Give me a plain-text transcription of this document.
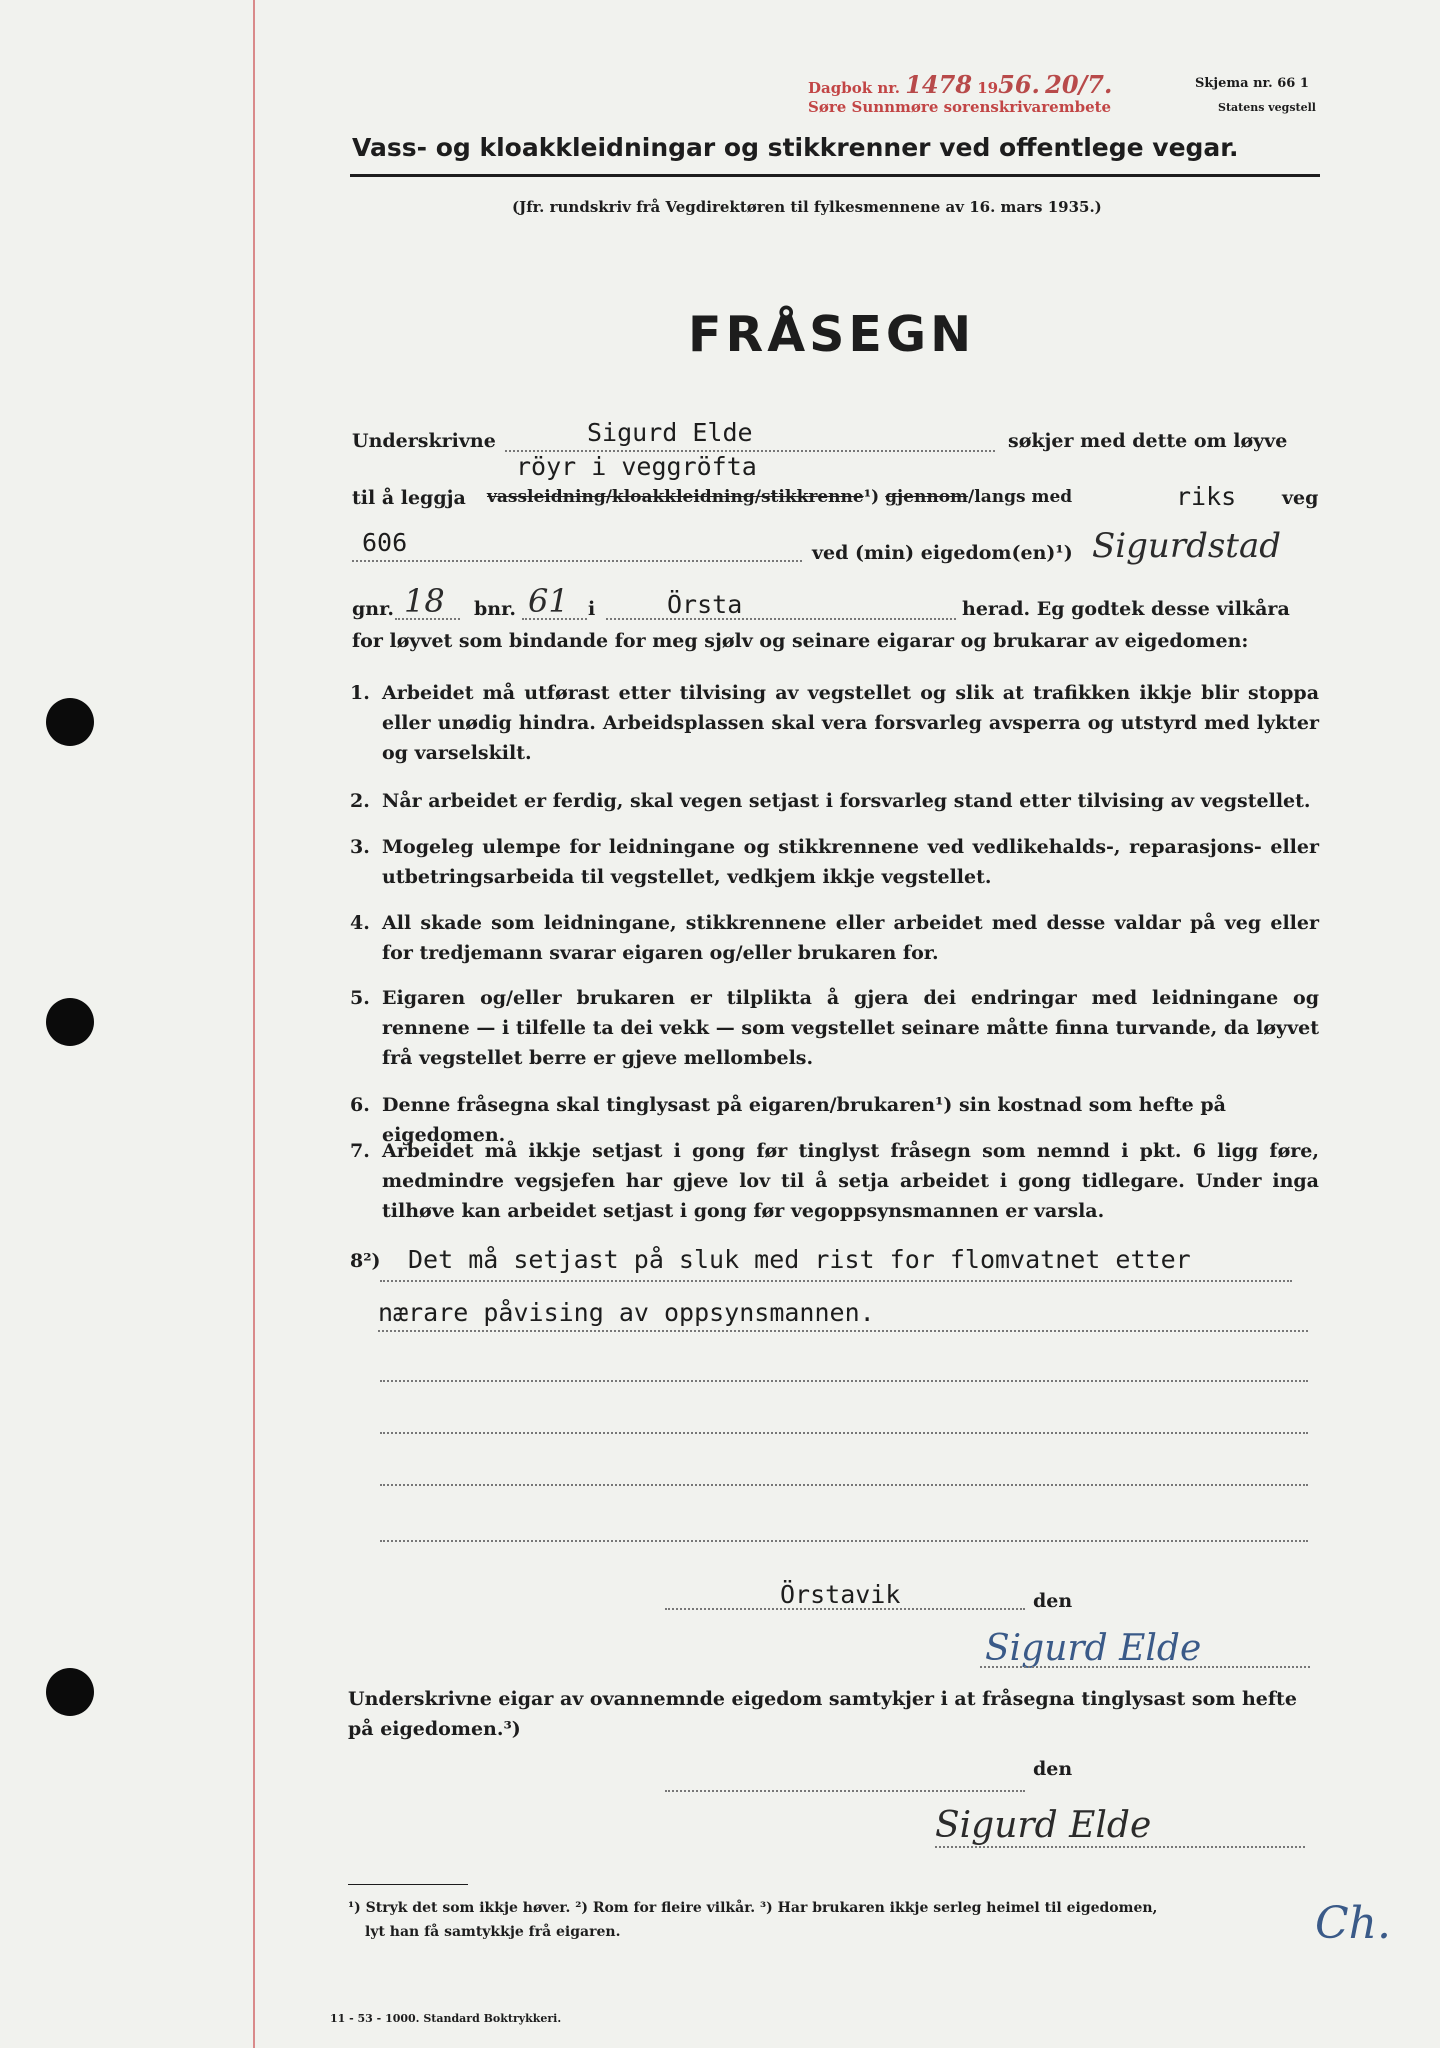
Dagbok nr. 1478 1956. 20/7.
Søre Sunnmøre sorenskrivarembete
Skjema nr. 66 1
Statens vegstell
Vass- og kloakkleidningar og stikkrenner ved offentlege vegar.
(Jfr. rundskriv frå Vegdirektøren til fylkesmennene av 16. mars 1935.)
FRÅSEGN
Underskrivne	Sigurd Elde	søkjer med dette om løyve
röyr i veggröfta
til å leggja vassleidning/kloakkleidning/stikkrenne¹) gjennom/langs med	riks veg
606	ved (min) eigedom(en)¹) Sigurdstad
gnr. 18 bnr. 61 i	Örsta	herad. Eg godtek desse vilkåra
for løyvet som bindande for meg sjølv og seinare eigarar og brukarar av eigedomen:
1. Arbeidet må utførast etter tilvising av vegstellet og slik at trafikken ikkje blir stoppa eller unødig hindra. Arbeidsplassen skal vera forsvarleg avsperra og utstyrd med lykter og varselskilt.
2. Når arbeidet er ferdig, skal vegen setjast i forsvarleg stand etter tilvising av vegstellet.
3. Mogeleg ulempe for leidningane og stikkrennene ved vedlikehalds-, reparasjons- eller utbetringsarbeida til vegstellet, vedkjem ikkje vegstellet.
4. All skade som leidningane, stikkrennene eller arbeidet med desse valdar på veg eller for tredjemann svarar eigaren og/eller brukaren for.
5. Eigaren og/eller brukaren er tilplikta å gjera dei endringar med leidningane og rennene — i tilfelle ta dei vekk — som vegstellet seinare måtte finna turvande, da løyvet frå vegstellet berre er gjeve mellombels.
6. Denne fråsegna skal tinglysast på eigaren/brukaren¹) sin kostnad som hefte på eigedomen.
7. Arbeidet må ikkje setjast i gong før tinglyst fråsegn som nemnd i pkt. 6 ligg føre, medmindre vegsjefen har gjeve lov til å setja arbeidet i gong tidlegare. Under inga tilhøve kan arbeidet setjast i gong før vegoppsynsmannen er varsla.
8²) Det må setjast på sluk med rist for flomvatnet etter
nærare påvising av oppsynsmannen.
Örstavik	den
Sigurd Elde
Underskrivne eigar av ovannemnde eigedom samtykjer i at fråsegna tinglysast som hefte
på eigedomen.³)
den
Sigurd Elde
¹) Stryk det som ikkje høver. ²) Rom for fleire vilkår. ³) Har brukaren ikkje serleg heimel til eigedomen,
lyt han få samtykkje frå eigaren.	Ch.
11 - 53 - 1000. Standard Boktrykkeri.
